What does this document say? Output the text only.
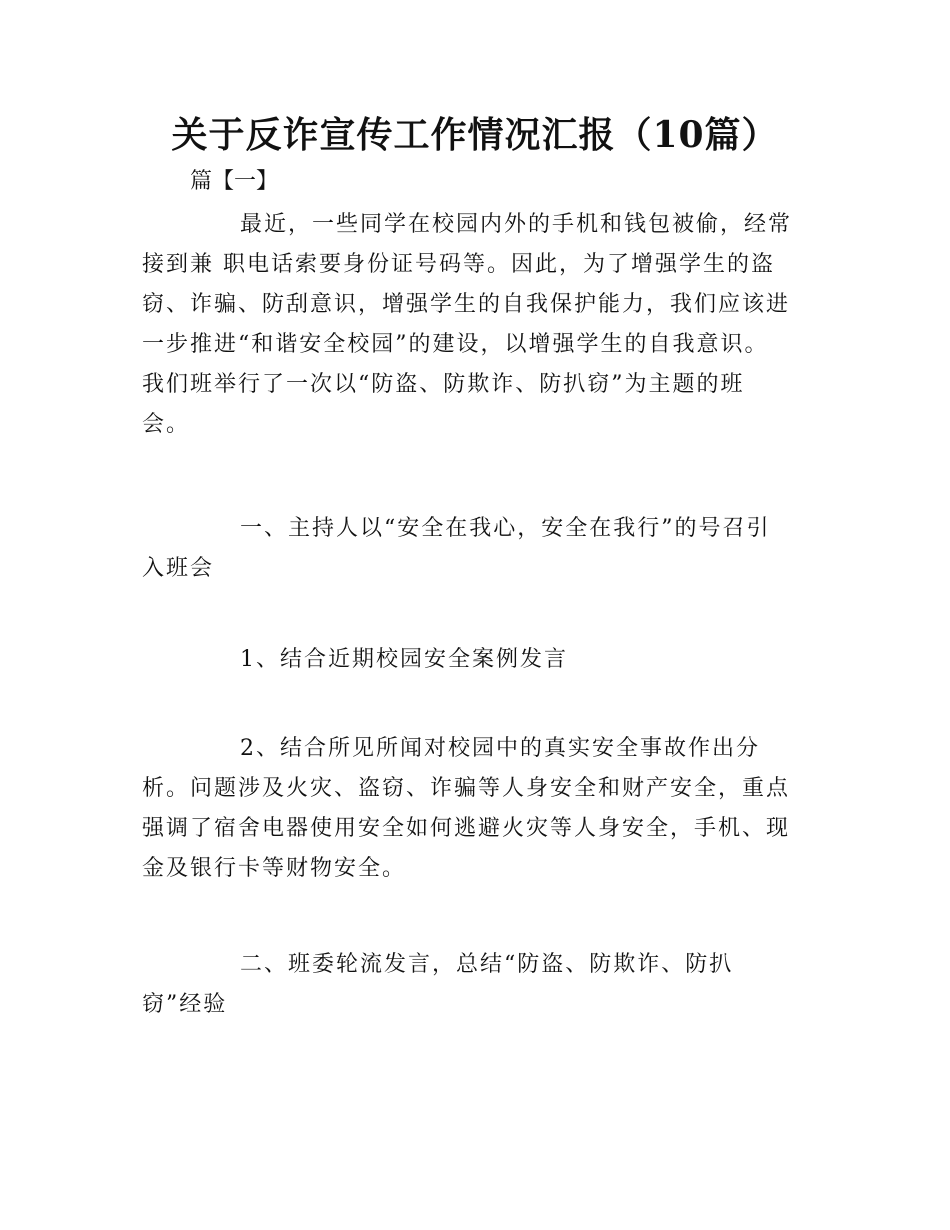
关于反诈宣传工作情况汇报（10篇）
篇【一】
最近，一些同学在校园内外的手机和钱包被偷，经常
接到兼 职电话索要身份证号码等。因此，为了增强学生的盗
窃、诈骗、防刮意识，增强学生的自我保护能力，我们应该进
一步推进“和谐安全校园”的建设，以增强学生的自我意识。
我们班举行了一次以“防盗、防欺诈、防扒窃”为主题的班
会。
一、主持人以“安全在我心，安全在我行”的号召引
入班会
1、结合近期校园安全案例发言
2、结合所见所闻对校园中的真实安全事故作出分
析。问题涉及火灾、盗窃、诈骗等人身安全和财产安全，重点
强调了宿舍电器使用安全如何逃避火灾等人身安全，手机、现
金及银行卡等财物安全。
二、班委轮流发言，总结“防盗、防欺诈、防扒
窃”经验
